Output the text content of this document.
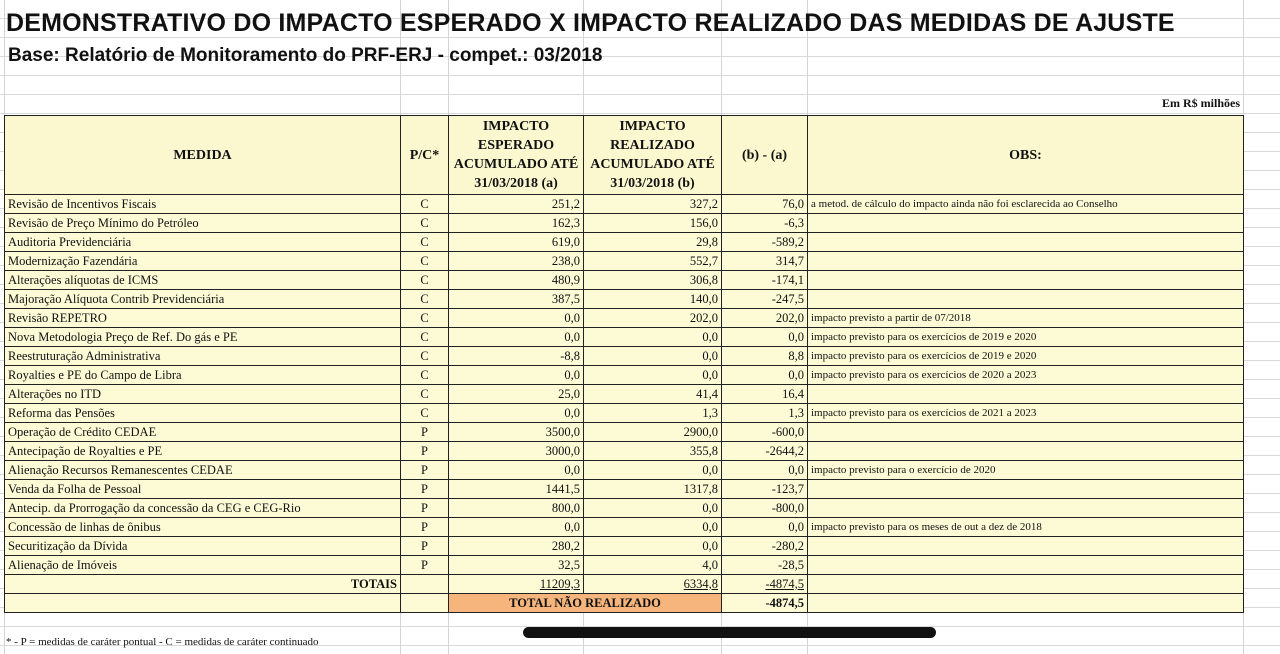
DEMONSTRATIVO DO IMPACTO ESPERADO X IMPACTO REALIZADO DAS MEDIDAS DE AJUSTE
Base: Relatório de Monitoramento do PRF-ERJ - compet.: 03/2018
Em R$ milhões
MEDIDA	P/C*	IMPACTO ESPERADO ACUMULADO ATÉ 31/03/2018 (a)	IMPACTO REALIZADO ACUMULADO ATÉ 31/03/2018 (b)	(b) - (a)	OBS:
Revisão de Incentivos Fiscais	C	251,2	327,2	76,0	a metod. de cálculo do impacto ainda não foi esclarecida ao Conselho
Revisão de Preço Mínimo do Petróleo	C	162,3	156,0	-6,3	
Auditoria Previdenciária	C	619,0	29,8	-589,2	
Modernização Fazendária	C	238,0	552,7	314,7	
Alterações alíquotas de ICMS	C	480,9	306,8	-174,1	
Majoração Alíquota Contrib Previdenciária	C	387,5	140,0	-247,5	
Revisão REPETRO	C	0,0	202,0	202,0	impacto previsto a partir de 07/2018
Nova Metodologia Preço de Ref. Do gás e PE	C	0,0	0,0	0,0	impacto previsto para os exercícios de 2019 e 2020
Reestruturação Administrativa	C	-8,8	0,0	8,8	impacto previsto para os exercícios de 2019 e 2020
Royalties e PE do Campo de Libra	C	0,0	0,0	0,0	impacto previsto para os exercícios de 2020 a 2023
Alterações no ITD	C	25,0	41,4	16,4	
Reforma das Pensões	C	0,0	1,3	1,3	impacto previsto para os exercícios de 2021 a 2023
Operação de Crédito CEDAE	P	3500,0	2900,0	-600,0	
Antecipação de Royalties e PE	P	3000,0	355,8	-2644,2	
Alienação Recursos Remanescentes CEDAE	P	0,0	0,0	0,0	impacto previsto para o exercício de 2020
Venda da Folha de Pessoal	P	1441,5	1317,8	-123,7	
Antecip. da Prorrogação da concessão da CEG e CEG-Rio	P	800,0	0,0	-800,0	
Concessão de linhas de ônibus	P	0,0	0,0	0,0	impacto previsto para os meses de out a dez de 2018
Securitização da Dívida	P	280,2	0,0	-280,2	
Alienação de Imóveis	P	32,5	4,0	-28,5	
TOTAIS		11209,3	6334,8	-4874,5	
		TOTAL NÃO REALIZADO		-4874,5	
* - P = medidas de caráter pontual - C = medidas de caráter continuado
